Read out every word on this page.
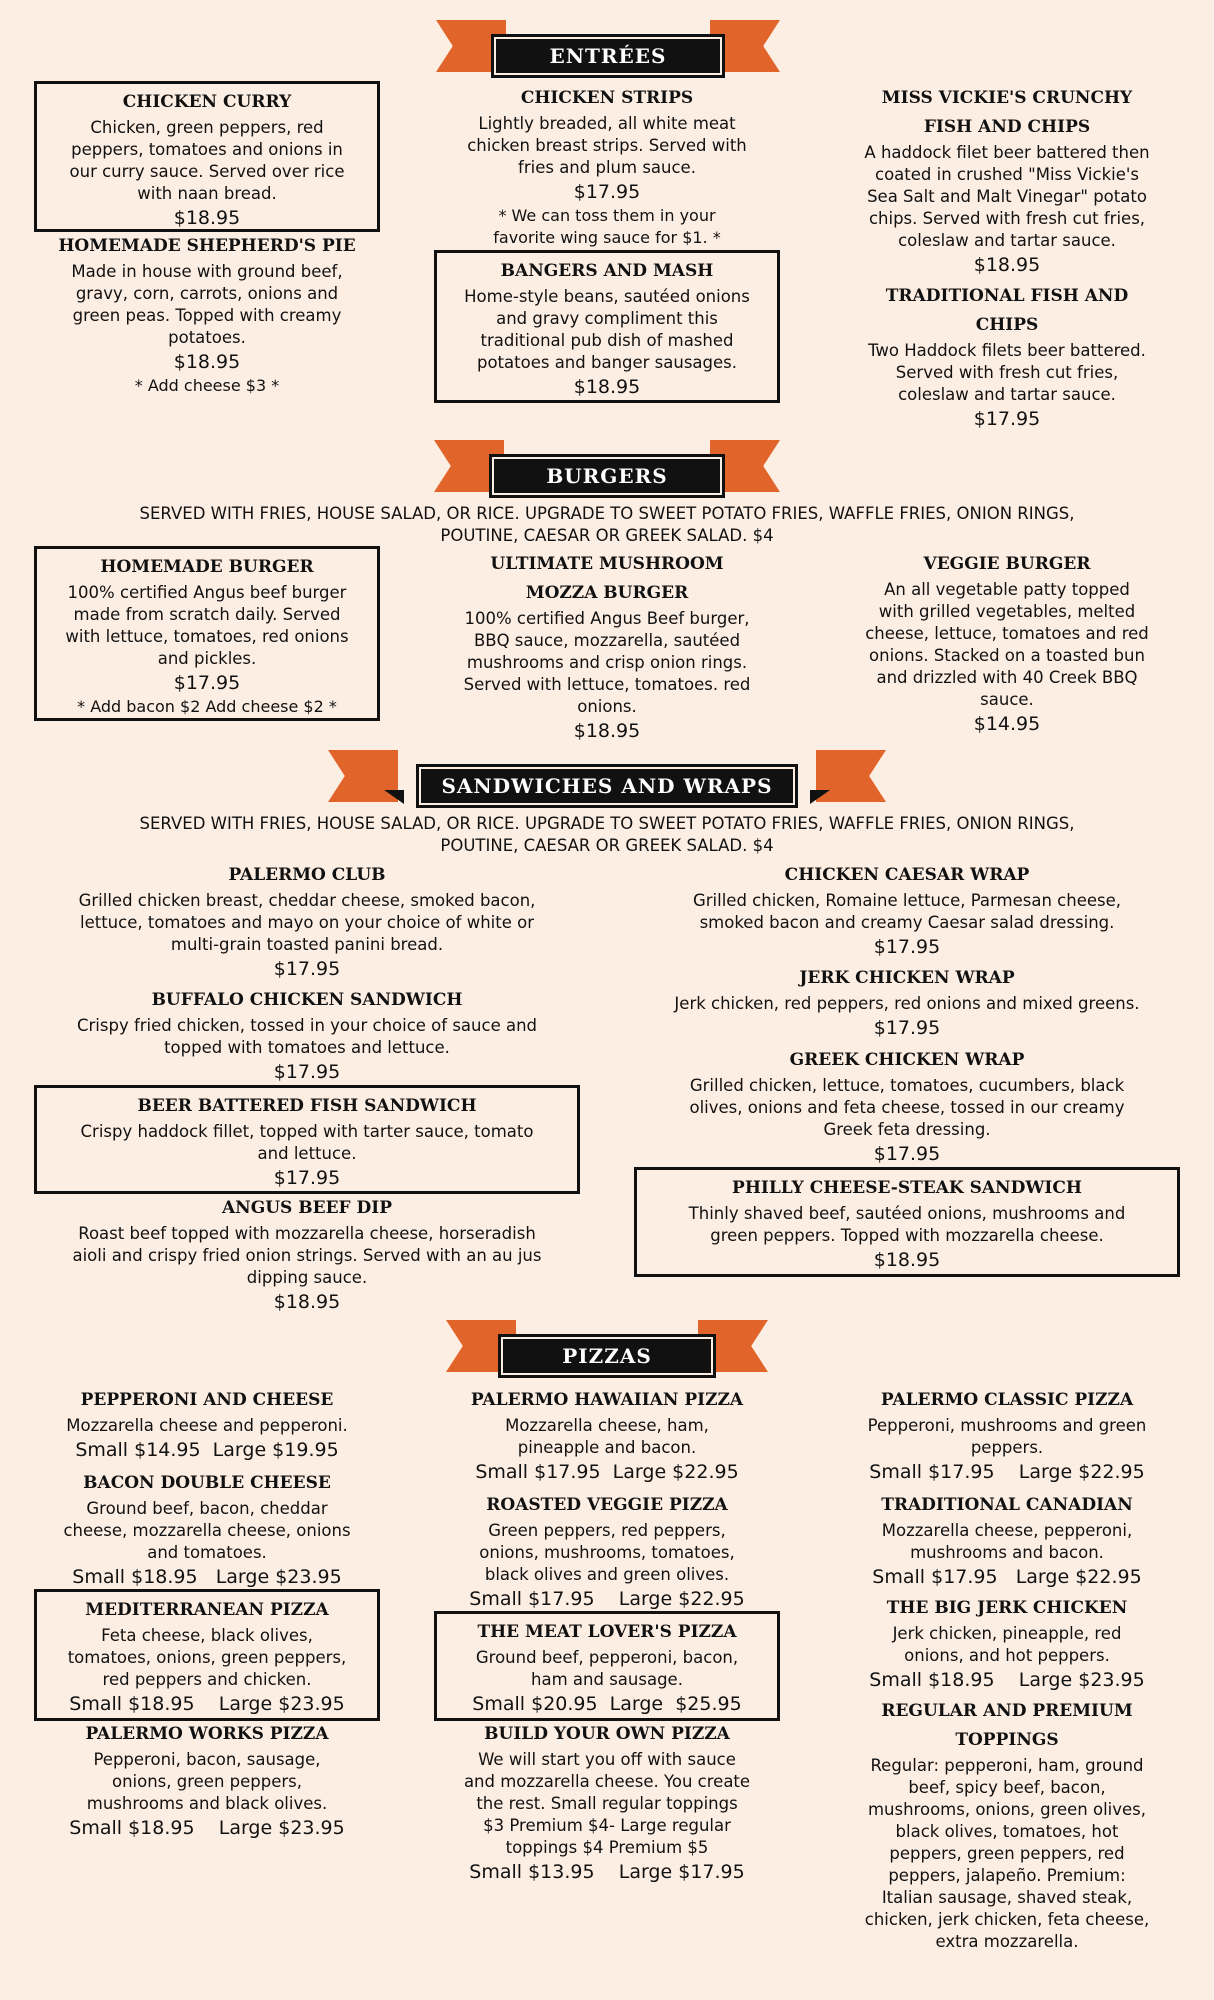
ENTRÉES
CHICKEN CURRY
Chicken, green peppers, red
peppers, tomatoes and onions in
our curry sauce. Served over rice
with naan bread.
$18.95
HOMEMADE SHEPHERD'S PIE
Made in house with ground beef,
gravy, corn, carrots, onions and
green peas. Topped with creamy
potatoes.
$18.95
* Add cheese $3 *
CHICKEN STRIPS
Lightly breaded, all white meat
chicken breast strips. Served with
fries and plum sauce.
$17.95
* We can toss them in your
favorite wing sauce for $1. *
BANGERS AND MASH
Home-style beans, sautéed onions
and gravy compliment this
traditional pub dish of mashed
potatoes and banger sausages.
$18.95
MISS VICKIE'S CRUNCHY
FISH AND CHIPS
A haddock filet beer battered then
coated in crushed "Miss Vickie's
Sea Salt and Malt Vinegar" potato
chips. Served with fresh cut fries,
coleslaw and tartar sauce.
$18.95
TRADITIONAL FISH AND
CHIPS
Two Haddock filets beer battered.
Served with fresh cut fries,
coleslaw and tartar sauce.
$17.95
BURGERS
SERVED WITH FRIES, HOUSE SALAD, OR RICE. UPGRADE TO SWEET POTATO FRIES, WAFFLE FRIES, ONION RINGS,
POUTINE, CAESAR OR GREEK SALAD. $4
HOMEMADE BURGER
100% certified Angus beef burger
made from scratch daily. Served
with lettuce, tomatoes, red onions
and pickles.
$17.95
* Add bacon $2 Add cheese $2 *
ULTIMATE MUSHROOM
MOZZA BURGER
100% certified Angus Beef burger,
BBQ sauce, mozzarella, sautéed
mushrooms and crisp onion rings.
Served with lettuce, tomatoes. red
onions.
$18.95
VEGGIE BURGER
An all vegetable patty topped
with grilled vegetables, melted
cheese, lettuce, tomatoes and red
onions. Stacked on a toasted bun
and drizzled with 40 Creek BBQ
sauce.
$14.95
SANDWICHES AND WRAPS
SERVED WITH FRIES, HOUSE SALAD, OR RICE. UPGRADE TO SWEET POTATO FRIES, WAFFLE FRIES, ONION RINGS,
POUTINE, CAESAR OR GREEK SALAD. $4
PALERMO CLUB
Grilled chicken breast, cheddar cheese, smoked bacon,
lettuce, tomatoes and mayo on your choice of white or
multi-grain toasted panini bread.
$17.95
BUFFALO CHICKEN SANDWICH
Crispy fried chicken, tossed in your choice of sauce and
topped with tomatoes and lettuce.
$17.95
BEER BATTERED FISH SANDWICH
Crispy haddock fillet, topped with tarter sauce, tomato
and lettuce.
$17.95
ANGUS BEEF DIP
Roast beef topped with mozzarella cheese, horseradish
aioli and crispy fried onion strings. Served with an au jus
dipping sauce.
$18.95
CHICKEN CAESAR WRAP
Grilled chicken, Romaine lettuce, Parmesan cheese,
smoked bacon and creamy Caesar salad dressing.
$17.95
JERK CHICKEN WRAP
Jerk chicken, red peppers, red onions and mixed greens.
$17.95
GREEK CHICKEN WRAP
Grilled chicken, lettuce, tomatoes, cucumbers, black
olives, onions and feta cheese, tossed in our creamy
Greek feta dressing.
$17.95
PHILLY CHEESE-STEAK SANDWICH
Thinly shaved beef, sautéed onions, mushrooms and
green peppers. Topped with mozzarella cheese.
$18.95
PIZZAS
PEPPERONI AND CHEESE
Mozzarella cheese and pepperoni.
Small $14.95  Large $19.95
BACON DOUBLE CHEESE
Ground beef, bacon, cheddar
cheese, mozzarella cheese, onions
and tomatoes.
Small $18.95   Large $23.95
MEDITERRANEAN PIZZA
Feta cheese, black olives,
tomatoes, onions, green peppers,
red peppers and chicken.
Small $18.95    Large $23.95
PALERMO WORKS PIZZA
Pepperoni, bacon, sausage,
onions, green peppers,
mushrooms and black olives.
Small $18.95    Large $23.95
PALERMO HAWAIIAN PIZZA
Mozzarella cheese, ham,
pineapple and bacon.
Small $17.95  Large $22.95
ROASTED VEGGIE PIZZA
Green peppers, red peppers,
onions, mushrooms, tomatoes,
black olives and green olives.
Small $17.95    Large $22.95
THE MEAT LOVER'S PIZZA
Ground beef, pepperoni, bacon,
ham and sausage.
Small $20.95  Large  $25.95
BUILD YOUR OWN PIZZA
We will start you off with sauce
and mozzarella cheese. You create
the rest. Small regular toppings
$3 Premium $4- Large regular
toppings $4 Premium $5
Small $13.95    Large $17.95
PALERMO CLASSIC PIZZA
Pepperoni, mushrooms and green
peppers.
Small $17.95    Large $22.95
TRADITIONAL CANADIAN
Mozzarella cheese, pepperoni,
mushrooms and bacon.
Small $17.95   Large $22.95
THE BIG JERK CHICKEN
Jerk chicken, pineapple, red
onions, and hot peppers.
Small $18.95    Large $23.95
REGULAR AND PREMIUM
TOPPINGS
Regular: pepperoni, ham, ground
beef, spicy beef, bacon,
mushrooms, onions, green olives,
black olives, tomatoes, hot
peppers, green peppers, red
peppers, jalapeño. Premium:
Italian sausage, shaved steak,
chicken, jerk chicken, feta cheese,
extra mozzarella.
